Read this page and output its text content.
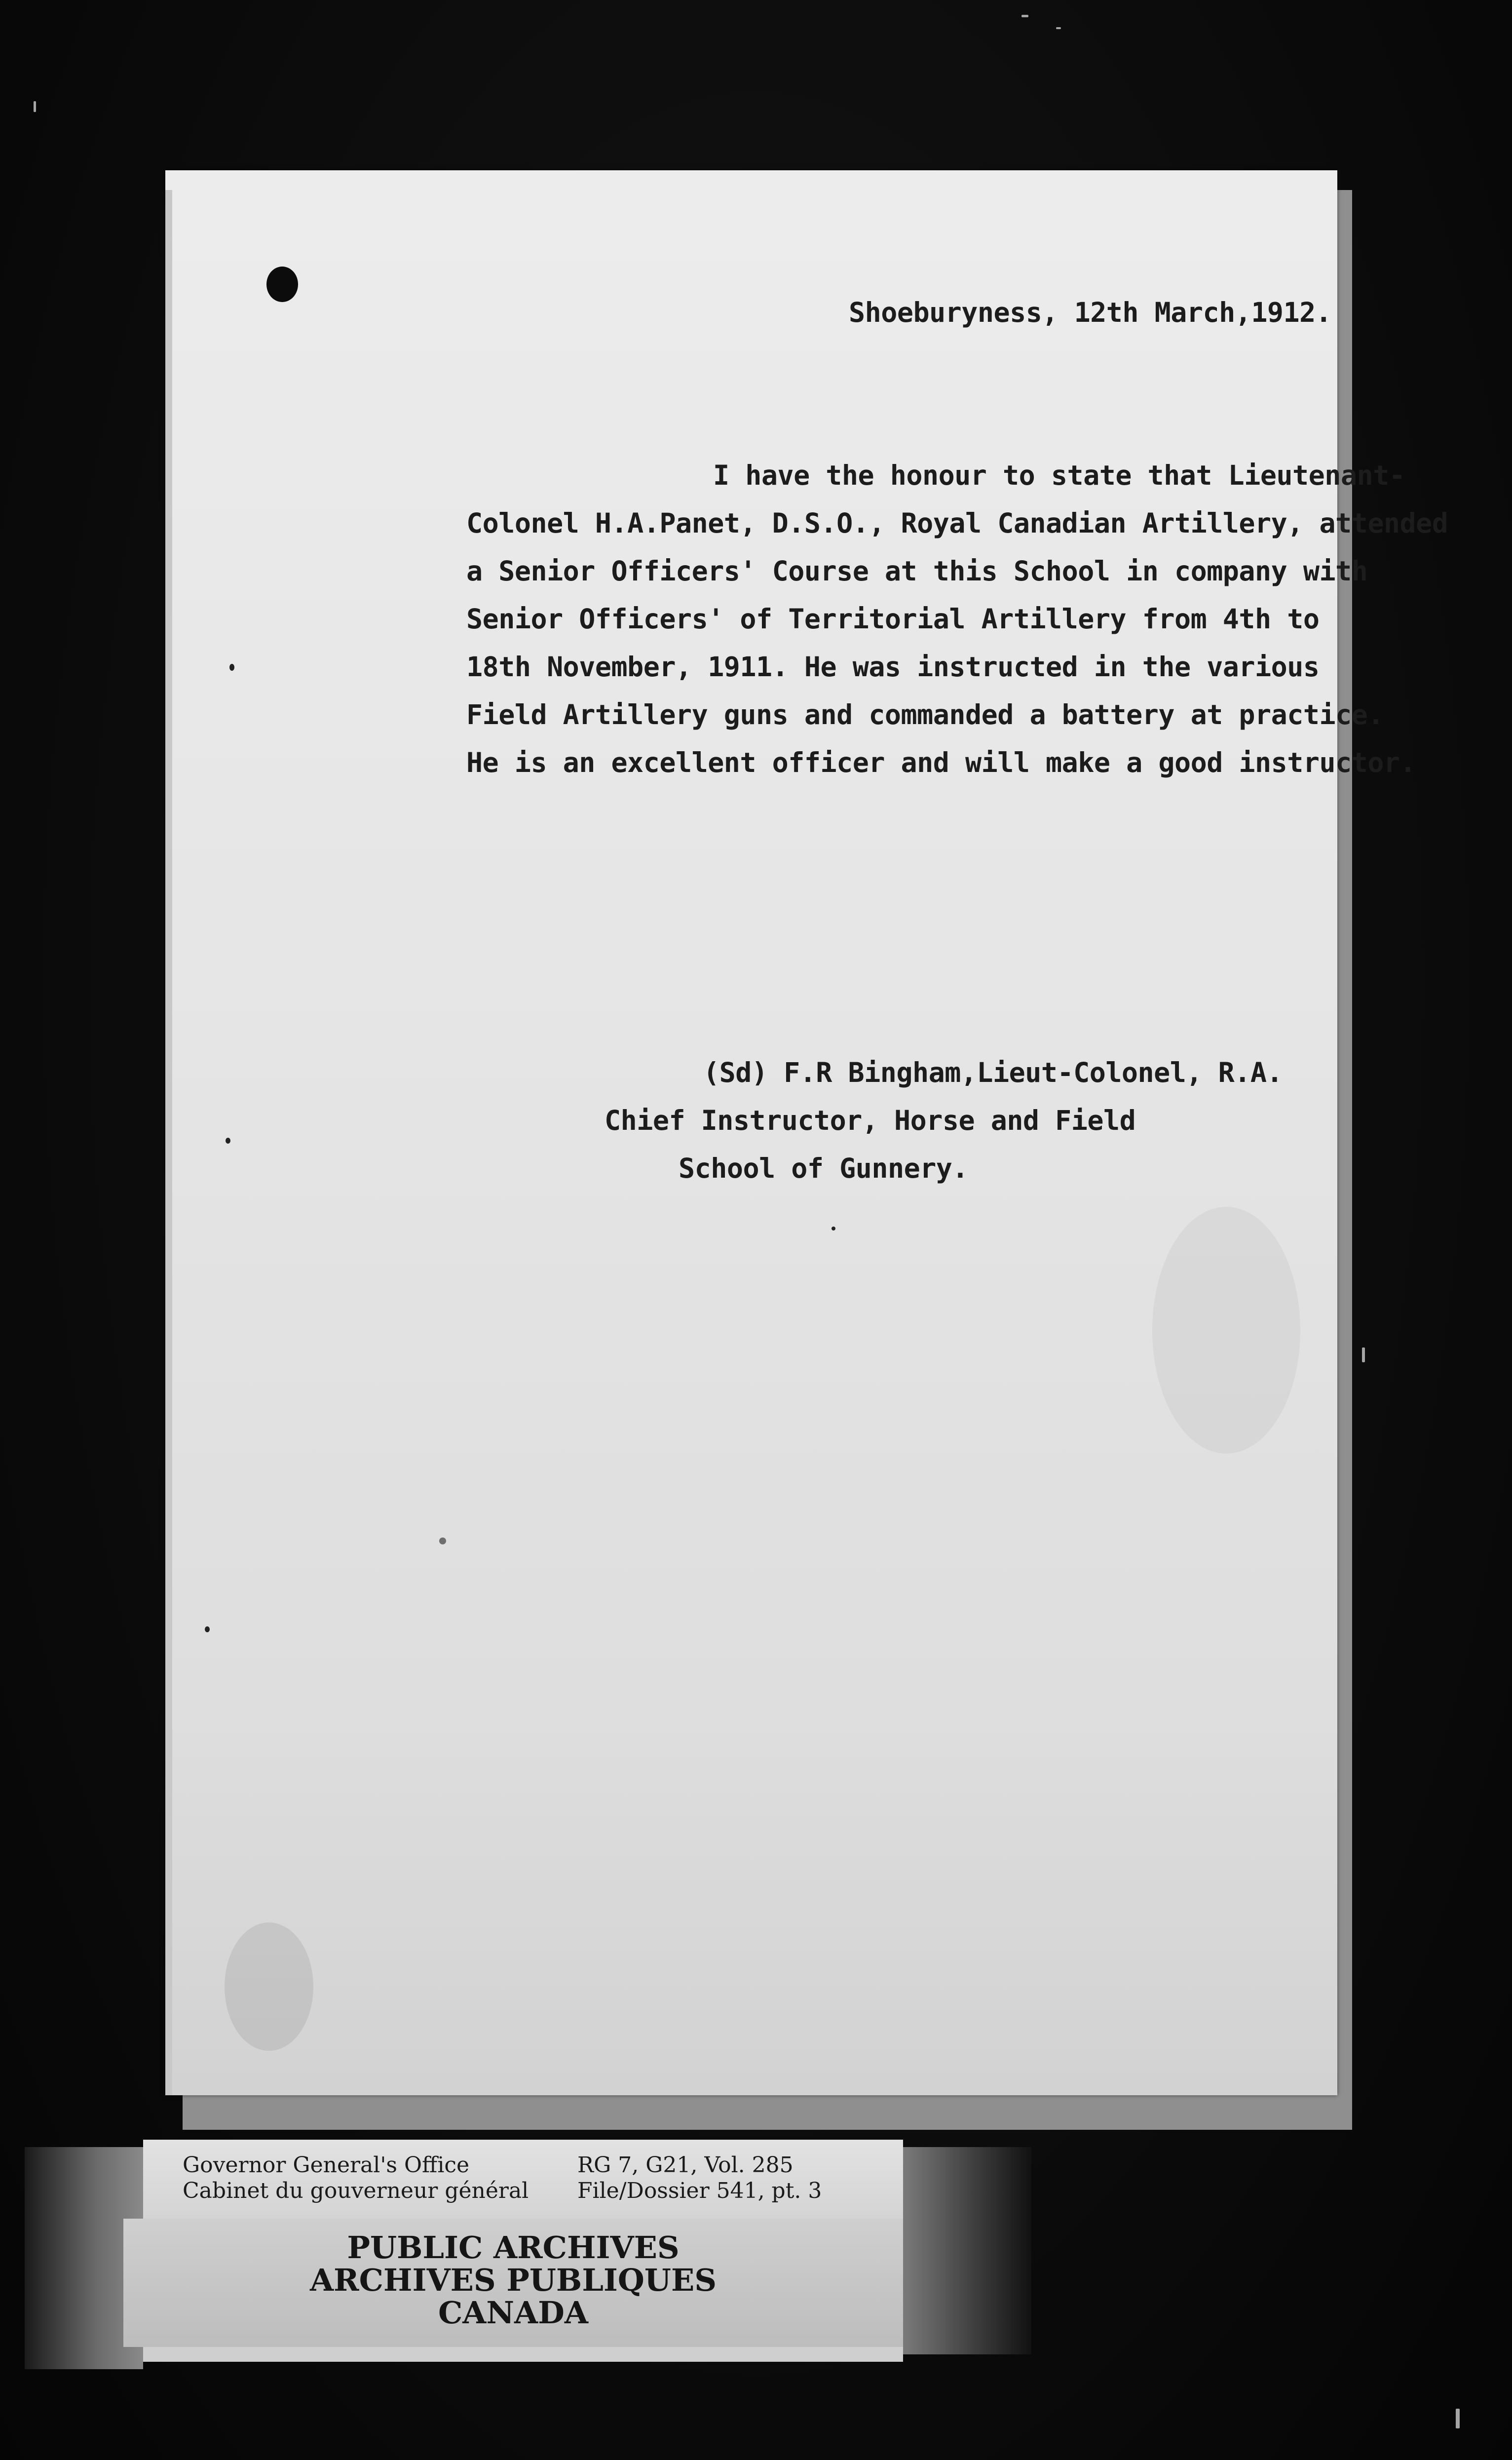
Shoeburyness, 12th March,1912.
I have the honour to state that Lieutenant-
Colonel H.A.Panet, D.S.O., Royal Canadian Artillery, attended
a Senior Officers' Course at this School in company with
Senior Officers' of Territorial Artillery from 4th to
18th November, 1911. He was instructed in the various
Field Artillery guns and commanded a battery at practice.
He is an excellent officer and will make a good instructor.
(Sd) F.R Bingham,Lieut-Colonel, R.A.
Chief Instructor, Horse and Field
School of Gunnery.
Governor General's Office
Cabinet du gouverneur général
RG 7, G21, Vol. 285
File/Dossier 541, pt. 3
PUBLIC ARCHIVES
ARCHIVES PUBLIQUES
CANADA
